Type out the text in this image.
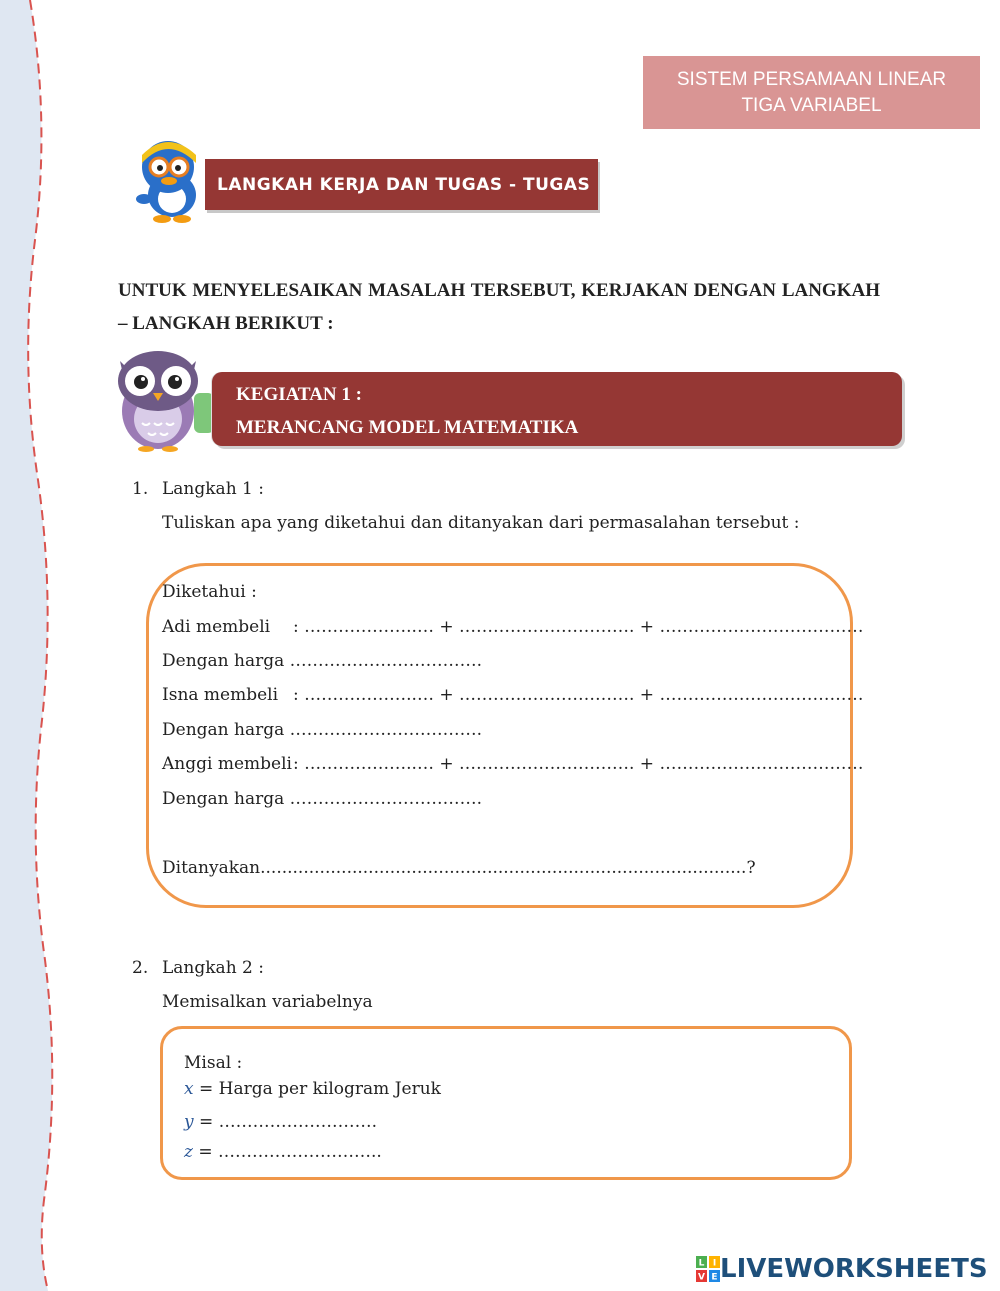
SISTEM PERSAMAAN LINEAR TIGA VARIABEL
LANGKAH KERJA DAN TUGAS - TUGAS
UNTUK MENYELESAIKAN MASALAH TERSEBUT, KERJAKAN DENGAN LANGKAH – LANGKAH BERIKUT :
KEGIATAN 1 :
MERANCANG MODEL MATEMATIKA
1. Langkah 1 :
Tuliskan apa yang diketahui dan ditanyakan dari permasalahan tersebut :
Diketahui :
Adi membeli : ………………..… + …………………………. + ………………………………
Dengan harga …………………………….
Isna membeli : ………………..… + …………………………. + ………………………………
Dengan harga …………………………….
Anggi membeli : ………………..… + …………………………. + ………………………………
Dengan harga …………………………….
Ditanyakan..........................................................................................?
2. Langkah 2 :
Memisalkan variabelnya
Misal :
x = Harga per kilogram Jeruk
y = ……………………….
z = ………………………..
L I
V E LIVEWORKSHEETS
